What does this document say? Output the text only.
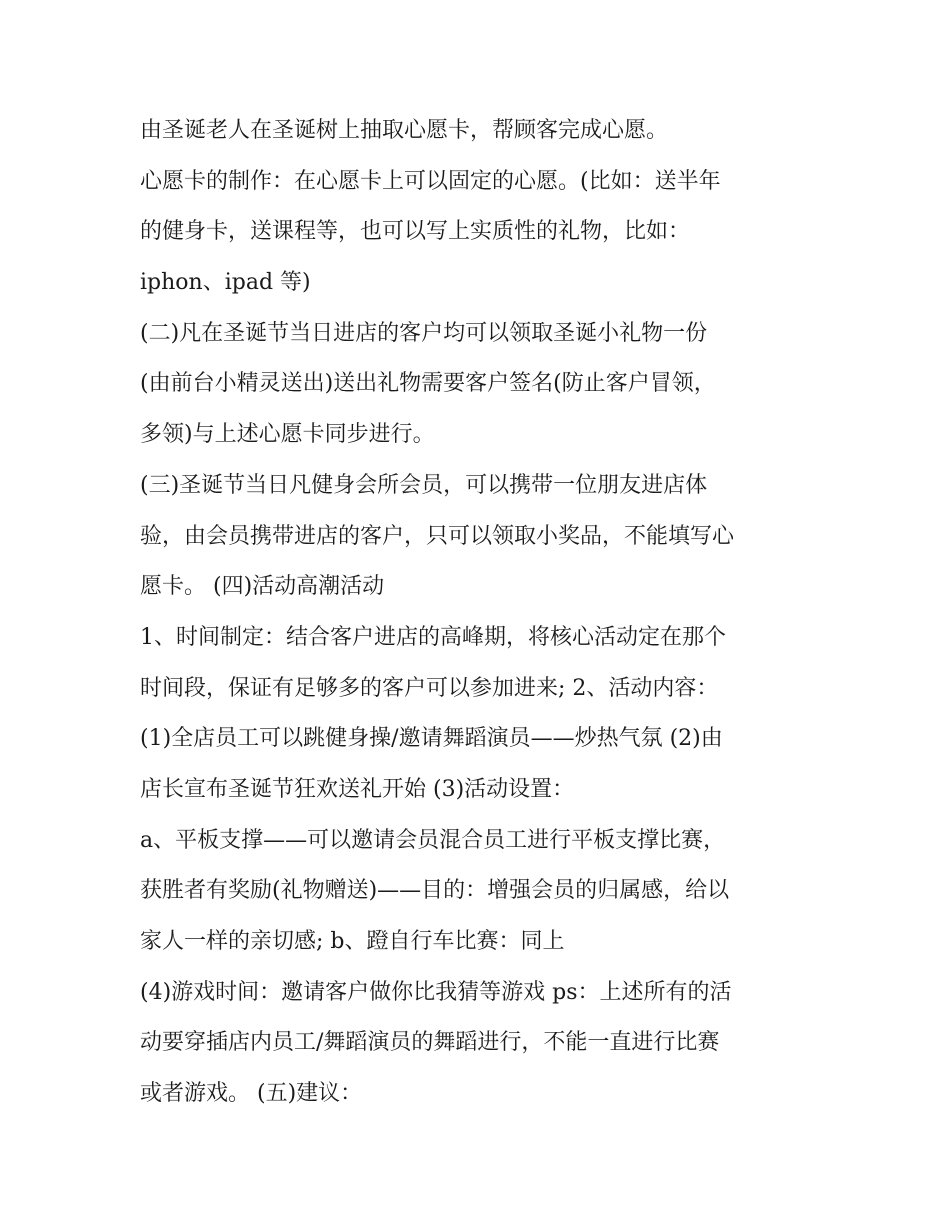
由圣诞老人在圣诞树上抽取心愿卡，帮顾客完成心愿。
心愿卡的制作：在心愿卡上可以固定的心愿。(比如：送半年
的健身卡，送课程等，也可以写上实质性的礼物，比如：
iphon、ipad 等)
(二)凡在圣诞节当日进店的客户均可以领取圣诞小礼物一份
(由前台小精灵送出)送出礼物需要客户签名(防止客户冒领，
多领)与上述心愿卡同步进行。
(三)圣诞节当日凡健身会所会员，可以携带一位朋友进店体
验，由会员携带进店的客户，只可以领取小奖品，不能填写心
愿卡。 (四)活动高潮活动
1、时间制定：结合客户进店的高峰期，将核心活动定在那个
时间段，保证有足够多的客户可以参加进来; 2、活动内容：
(1)全店员工可以跳健身操/邀请舞蹈演员——炒热气氛 (2)由
店长宣布圣诞节狂欢送礼开始 (3)活动设置：
a、平板支撑——可以邀请会员混合员工进行平板支撑比赛，
获胜者有奖励(礼物赠送)——目的：增强会员的归属感，给以
家人一样的亲切感; b、蹬自行车比赛：同上
(4)游戏时间：邀请客户做你比我猜等游戏 ps：上述所有的活
动要穿插店内员工/舞蹈演员的舞蹈进行，不能一直进行比赛
或者游戏。 (五)建议：
